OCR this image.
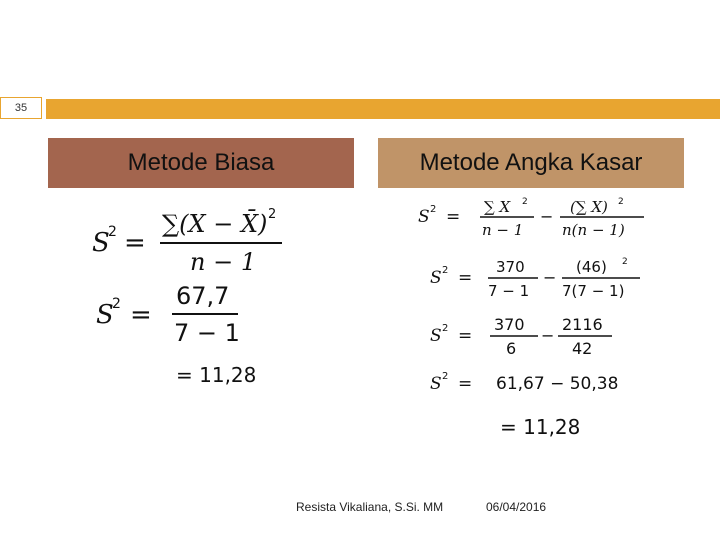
35
Metode Biasa	Metode Angka Kasar
S
2 =
∑(X − X̄) 2
n − 1
S
2 =
67,7
7 − 1
= 11,28
S 2 = ∑ X 2
n − 1
− (∑ X) 2
n(n − 1)
S 2 =
370
7 − 1
−
(46) 2
7(7 − 1)
S 2 =
370
6
−
2116
42
S 2 = 61,67 − 50,38
= 11,28
Resista Vikaliana, S.Si. MM	06/04/2016
